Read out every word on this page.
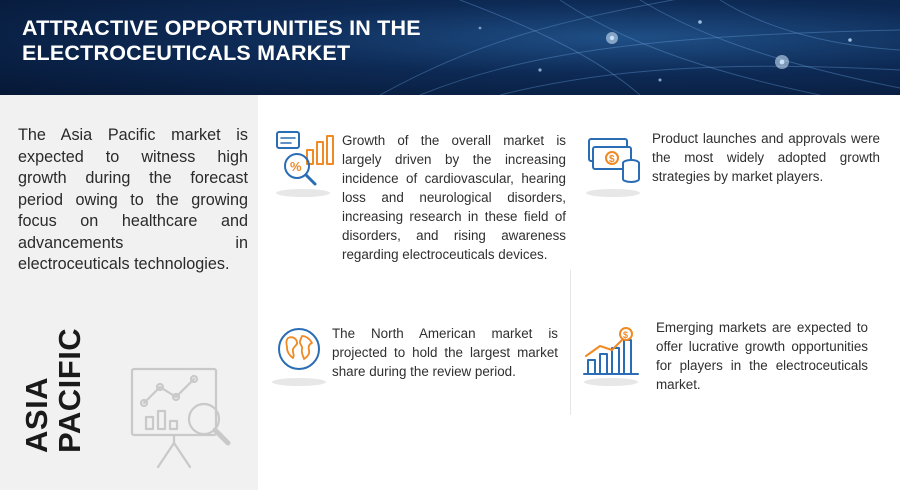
ATTRACTIVE OPPORTUNITIES IN THE ELECTROCEUTICALS MARKET
The Asia Pacific market is expected to witness high growth during the forecast period owing to the growing focus on healthcare and advancements in electroceuticals technologies.
ASIA
PACIFIC
%
Growth of the overall market is largely driven by the increasing incidence of cardiovascular, hearing loss and neurological disorders, increasing research in these field of disorders, and rising awareness regarding electroceuticals devices.
$
Product launches and approvals were the most widely adopted growth strategies by market players.
The North American market is projected to hold the largest market share during the review period.
$ Emerging markets are expected to offer lucrative growth opportunities for players in the electroceuticals market.
